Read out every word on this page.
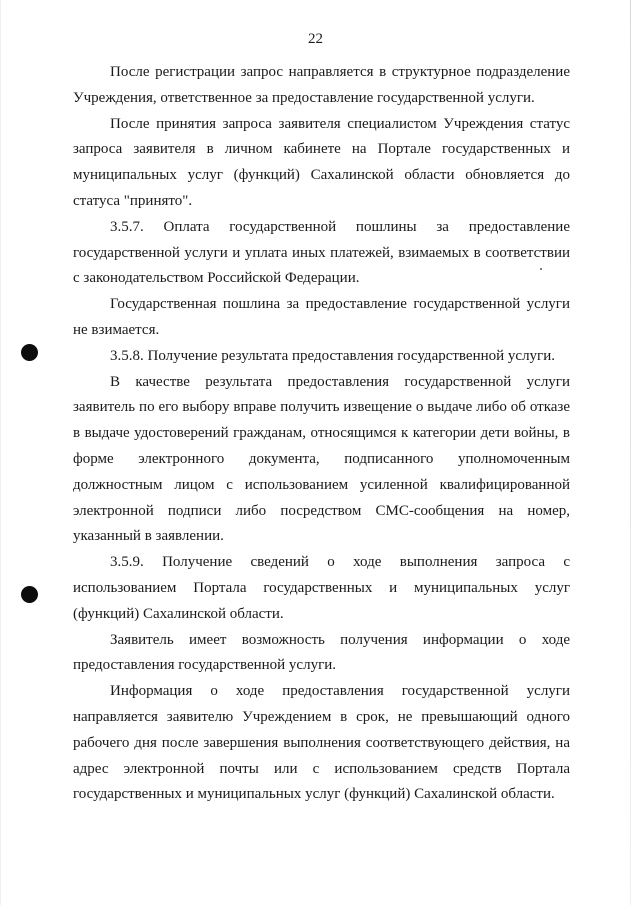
22

После регистрации запрос направляется в структурное подразделение Учреждения, ответственное за предоставление государственной услуги.

После принятия запроса заявителя специалистом Учреждения статус запроса заявителя в личном кабинете на Портале государственных и муниципальных услуг (функций) Сахалинской области обновляется до статуса "принято".

3.5.7. Оплата государственной пошлины за предоставление государственной услуги и уплата иных платежей, взимаемых в соответствии с законодательством Российской Федерации.

Государственная пошлина за предоставление государственной услуги не взимается.

3.5.8. Получение результата предоставления государственной услуги.

В качестве результата предоставления государственной услуги заявитель по его выбору вправе получить извещение о выдаче либо об отказе в выдаче удостоверений гражданам, относящимся к категории дети войны, в форме электронного документа, подписанного уполномоченным должностным лицом с использованием усиленной квалифицированной электронной подписи либо посредством СМС-сообщения на номер, указанный в заявлении.

3.5.9. Получение сведений о ходе выполнения запроса с использованием Портала государственных и муниципальных услуг (функций) Сахалинской области.

Заявитель имеет возможность получения информации о ходе предоставления государственной услуги.

Информация о ходе предоставления государственной услуги направляется заявителю Учреждением в срок, не превышающий одного рабочего дня после завершения выполнения соответствующего действия, на адрес электронной почты или с использованием средств Портала государственных и муниципальных услуг (функций) Сахалинской области.
